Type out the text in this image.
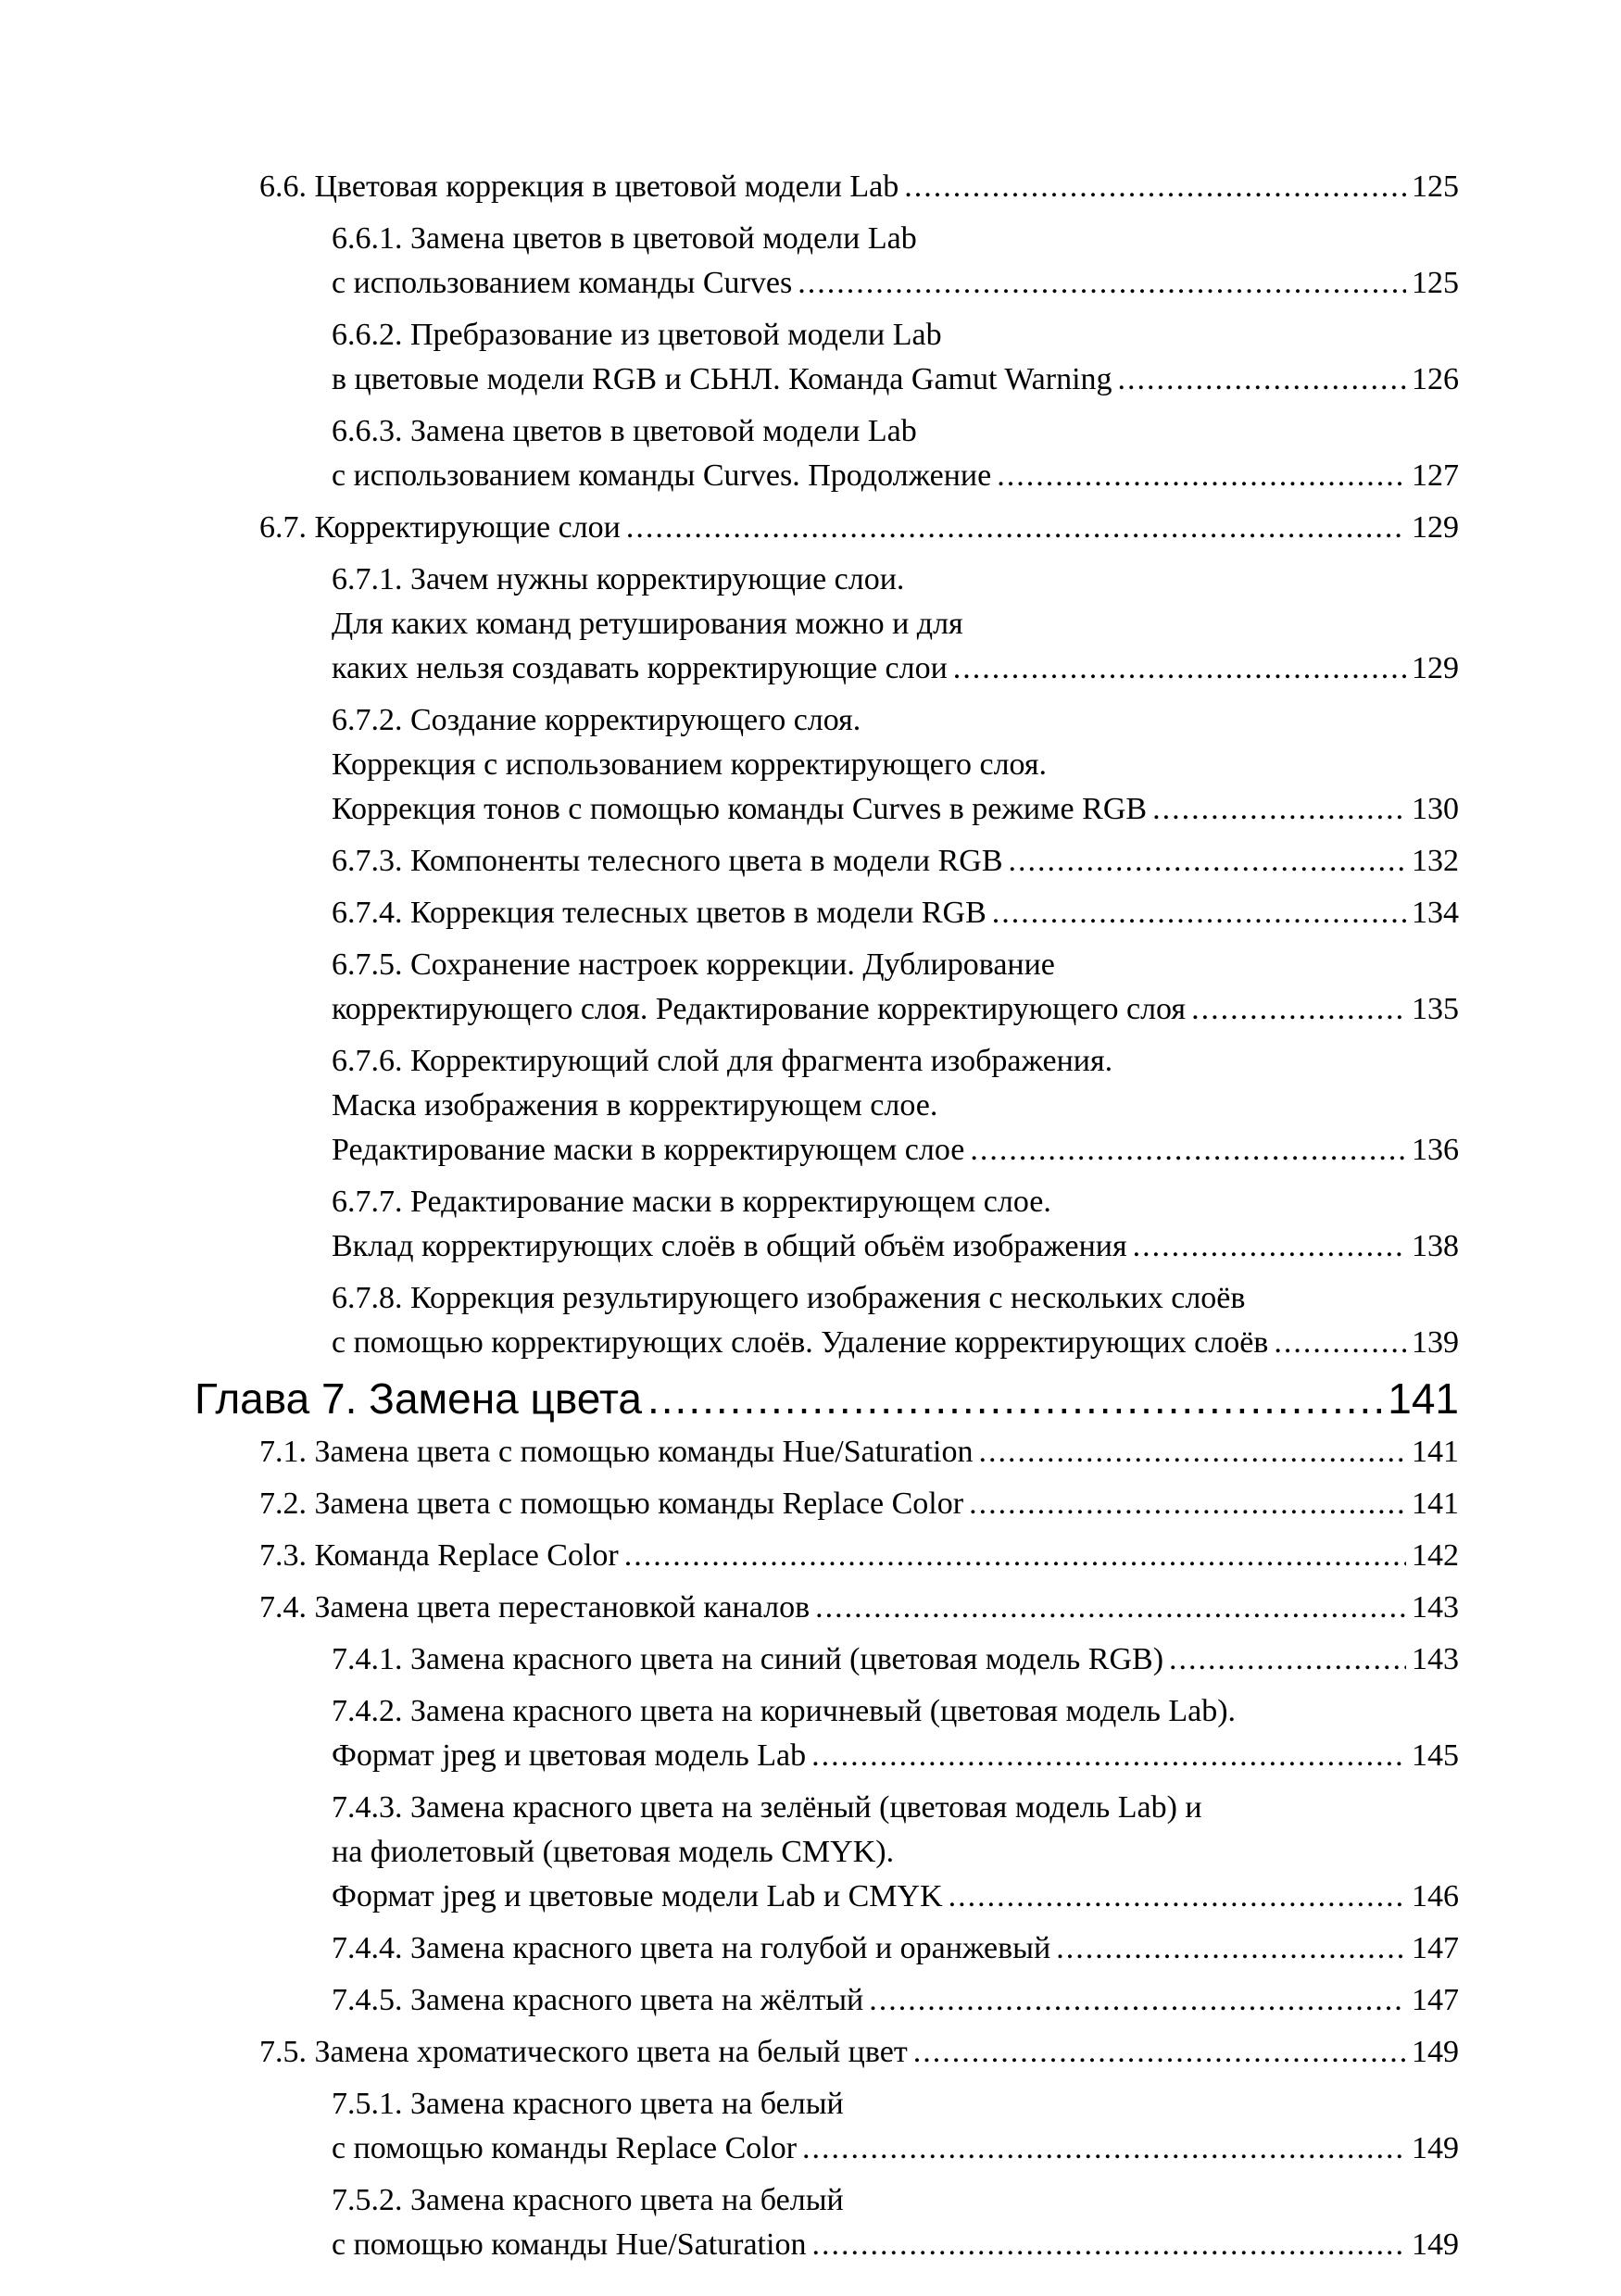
6.6. Цветовая коррекция в цветовой модели Lab .....	125
6.6.1. Замена цветов в цветовой модели Lab
с использованием команды Curves .....	125
6.6.2. Пребразование из цветовой модели Lab
в цветовые модели RGB и СЬНЛ. Команда Gamut Warning .....	126
6.6.3. Замена цветов в цветовой модели Lab
с использованием команды Curves. Продолжение .....	127
6.7. Корректирующие слои .....	129
6.7.1. Зачем нужны корректирующие слои.
Для каких команд ретуширования можно и для
каких нельзя создавать корректирующие слои .....	129
6.7.2. Создание корректирующего слоя.
Коррекция с использованием корректирующего слоя.
Коррекция тонов с помощью команды Curves в режиме RGB .....	130
6.7.3. Компоненты телесного цвета в модели RGB .....	132
6.7.4. Коррекция телесных цветов в модели RGB .....	134
6.7.5. Сохранение настроек коррекции. Дублирование
корректирующего слоя. Редактирование корректирующего слоя .....	135
6.7.6. Корректирующий слой для фрагмента изображения.
Маска изображения в корректирующем слое.
Редактирование маски в корректирующем слое .....	136
6.7.7. Редактирование маски в корректирующем слое.
Вклад корректирующих слоёв в общий объём изображения .....	138
6.7.8. Коррекция результирующего изображения с нескольких слоёв
с помощью корректирующих слоёв. Удаление корректирующих слоёв .....	139
Глава 7. Замена цвета .....	141
7.1. Замена цвета с помощью команды Hue/Saturation .....	141
7.2. Замена цвета с помощью команды Replace Color .....	141
7.3. Команда Replace Color .....	142
7.4. Замена цвета перестановкой каналов .....	143
7.4.1. Замена красного цвета на синий (цветовая модель RGB) .....	143
7.4.2. Замена красного цвета на коричневый (цветовая модель Lab).
Формат jpeg и цветовая модель Lab .....	145
7.4.3. Замена красного цвета на зелёный (цветовая модель Lab) и
на фиолетовый (цветовая модель CMYK).
Формат jpeg и цветовые модели Lab и CMYK .....	146
7.4.4. Замена красного цвета на голубой и оранжевый .....	147
7.4.5. Замена красного цвета на жёлтый .....	147
7.5. Замена хроматического цвета на белый цвет .....	149
7.5.1. Замена красного цвета на белый
с помощью команды Replace Color .....	149
7.5.2. Замена красного цвета на белый
с помощью команды Hue/Saturation .....	149
